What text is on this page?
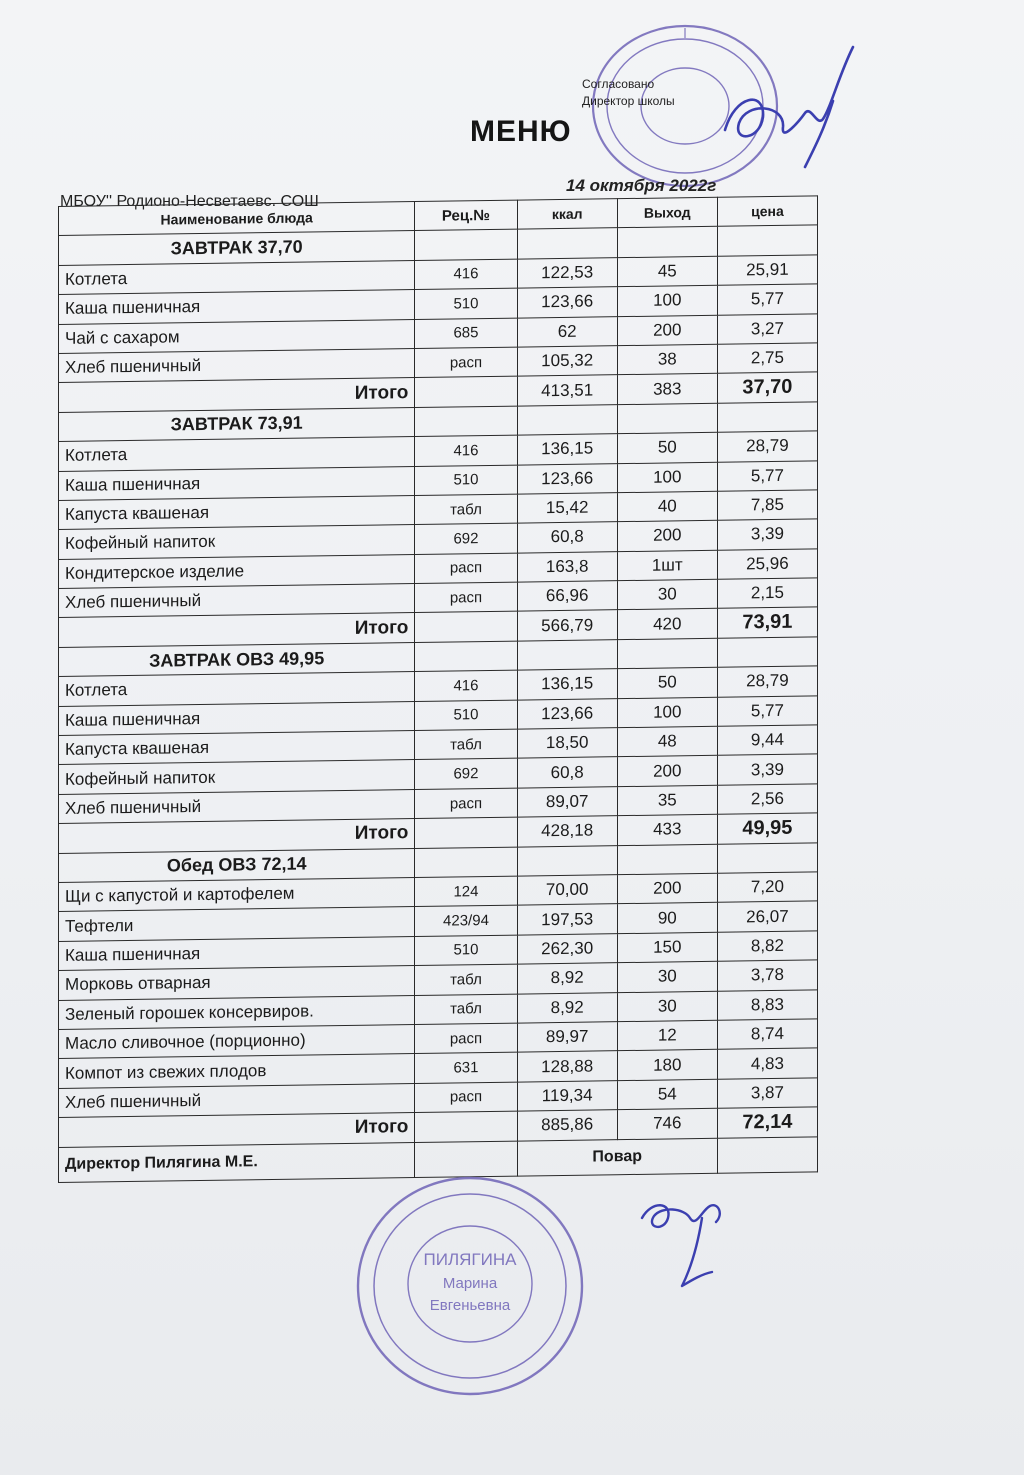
Согласовано
Директор школы
МЕНЮ
МБОУ'' Родионо-Несветаевс. СОШ
14 октября 2022г
Наименование блюда	Рец.№	ккал	Выход	цена
ЗАВТРАК 37,70				
Котлета	416	122,53	45	25,91
Каша пшеничная	510	123,66	100	5,77
Чай с сахаром	685	62	200	3,27
Хлеб пшеничный	расп	105,32	38	2,75
Итого		413,51	383	37,70
ЗАВТРАК 73,91				
Котлета	416	136,15	50	28,79
Каша пшеничная	510	123,66	100	5,77
Капуста квашеная	табл	15,42	40	7,85
Кофейный напиток	692	60,8	200	3,39
Кондитерское изделие	расп	163,8	1шт	25,96
Хлеб пшеничный	расп	66,96	30	2,15
Итого		566,79	420	73,91
ЗАВТРАК ОВЗ 49,95				
Котлета	416	136,15	50	28,79
Каша пшеничная	510	123,66	100	5,77
Капуста квашеная	табл	18,50	48	9,44
Кофейный напиток	692	60,8	200	3,39
Хлеб пшеничный	расп	89,07	35	2,56
Итого		428,18	433	49,95
Обед ОВЗ 72,14				
Щи с капустой и картофелем	124	70,00	200	7,20
Тефтели	423/94	197,53	90	26,07
Каша пшеничная	510	262,30	150	8,82
Морковь отварная	табл	8,92	30	3,78
Зеленый горошек консервиров.	табл	8,92	30	8,83
Масло сливочное (порционно)	расп	89,97	12	8,74
Компот из свежих плодов	631	128,88	180	4,83
Хлеб пшеничный	расп	119,34	54	3,87
Итого		885,86	746	72,14
Директор Пилягина М.Е.		Повар		
ПИЛЯГИНА
Марина
Евгеньевна
